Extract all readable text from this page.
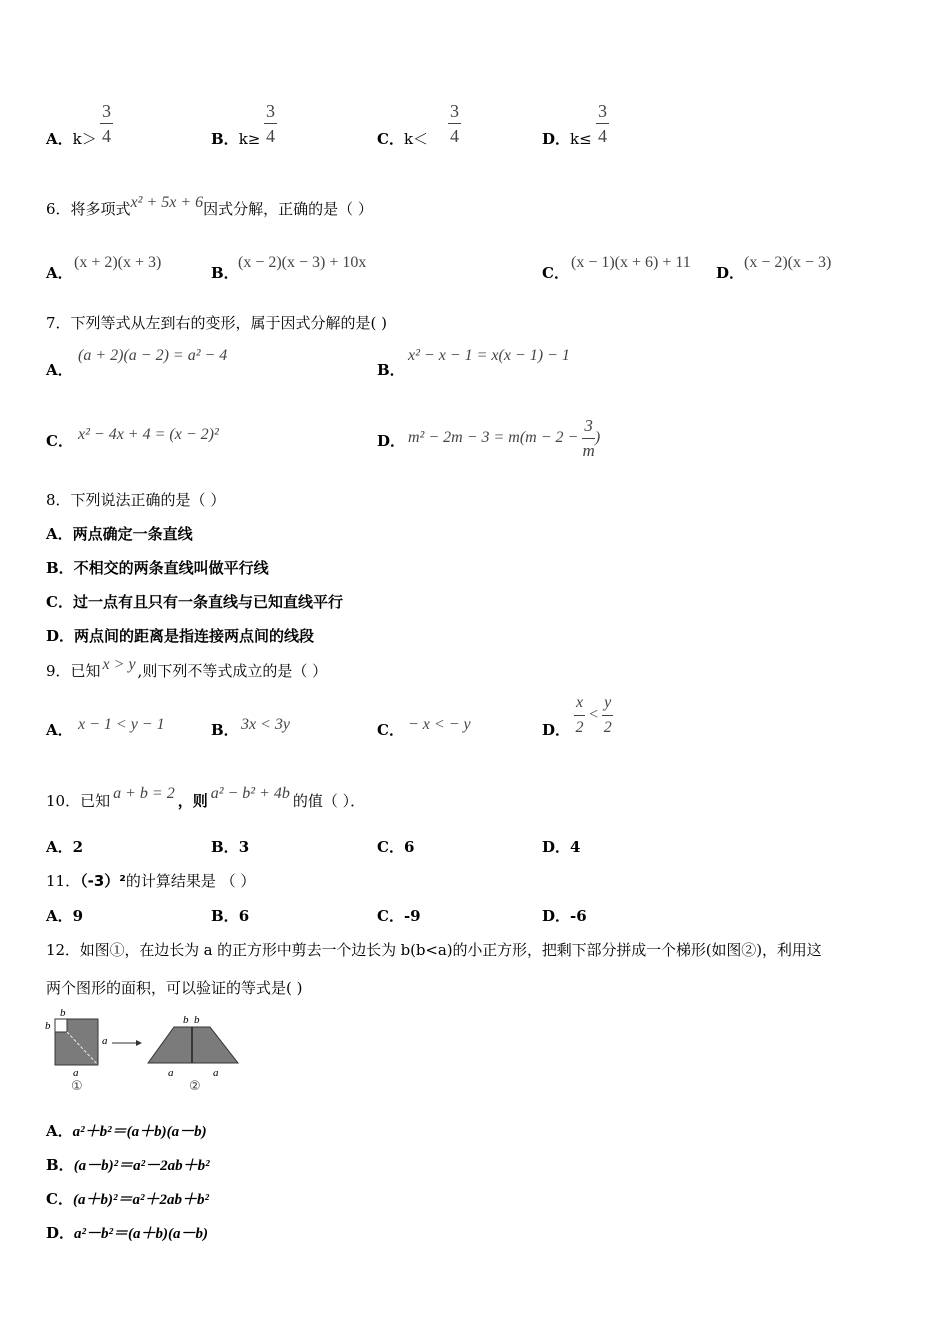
A．$k> \frac{3}{4}$	B．$k\ge \frac{3}{4}$	C．$k< \frac{3}{4}$	D．$k\le \frac{3}{4}$
6．将多项式x² + 5x + 6因式分解，正确的是（ ）
A．
(x + 2)(x + 3)
B．
(x − 2)(x − 3) + 10x
C．
(x − 1)(x + 6) + 11
D．
(x − 2)(x − 3)
7．下列等式从左到右的变形，属于因式分解的是( )
A．
(a + 2)(a − 2) = a² − 4
B．
x² − x − 1 = x(x − 1) − 1
C． x² − 4x + 4 = (x − 2)²	D． $m^2 - 2m - 3 = m(m - 2 - \frac{3}{m}$ )
8．下列说法正确的是（ ）
A．两点确定一条直线
B．不相交的两条直线叫做平行线
C．过一点有且只有一条直线与已知直线平行
D．两点间的距离是指连接两点间的线段
9．已知 x > y ,则下列不等式成立的是（ ）
A． x − 1 < y − 1	B． 3x < 3y	C． − x < − y	D． $\frac{x}{2} < \frac{y}{2}$
10．已知 a + b = 2 ，则 a² − b² + 4b 的值（ ）．
A．2	B．3	C．6	D．4
11．（-3）²的计算结果是 （ ）
A．9	B．6	C．-9	D．-6
12．如图①，在边长为 a 的正方形中剪去一个边长为 b(b<a)的小正方形，把剩下部分拼成一个梯形(如图②)，利用这
两个图形的面积，可以验证的等式是( )
b
b
a
a
b  b
a	a
①	②
A．a²＋b²＝(a＋b)(a－b)
B．(a－b)²＝a²－2ab＋b²
C．(a＋b)²＝a²＋2ab＋b²
D．a²－b²＝(a＋b)(a－b)
